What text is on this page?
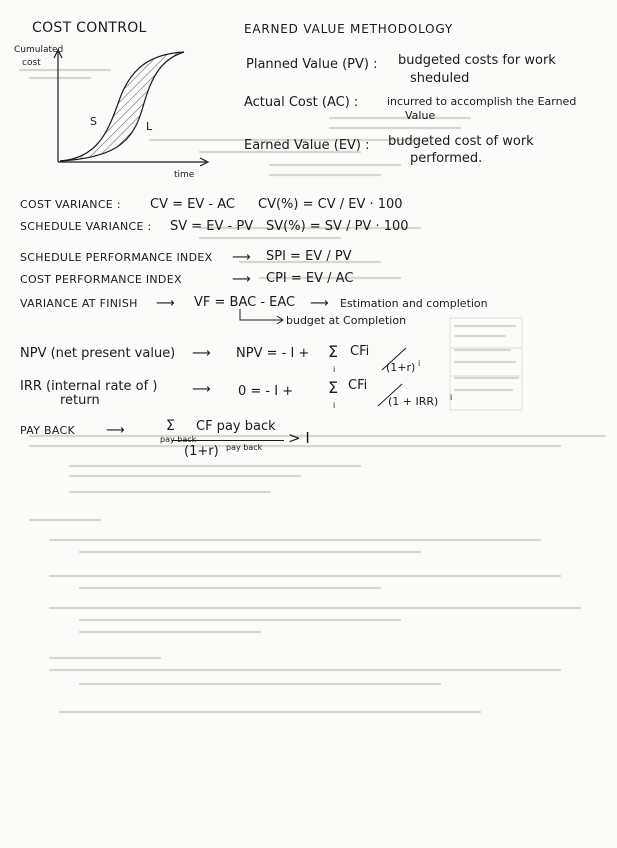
COST CONTROL	EARNED VALUE METHODOLOGY
Cumulated
cost
S	L
time
Planned Value (PV) : budgeted costs for work
sheduled
Actual Cost (AC) :	incurred to accomplish the Earned
Value
Earned Value (EV) : budgeted cost of work
performed.
COST VARIANCE : CV = EV - AC CV(%) = CV / EV · 100
SCHEDULE VARIANCE : SV = EV - PV SV(%) = SV / PV · 100
SCHEDULE PERFORMANCE INDEX ⟶ SPI = EV / PV
COST PERFORMANCE INDEX	⟶ CPI = EV / AC
VARIANCE AT FINISH ⟶ VF = BAC - EAC ⟶ Estimation and completion
budget at Completion
NPV (net present value) ⟶ NPV = - I + Σ
i
CFi
(1+r) i
IRR (internal rate of )
return
⟶ 0 = - I + Σ
i
CFi
(1 + IRR) i
PAY BACK ⟶	Σ
pay back
CF pay back
(1+r) pay back
> I
